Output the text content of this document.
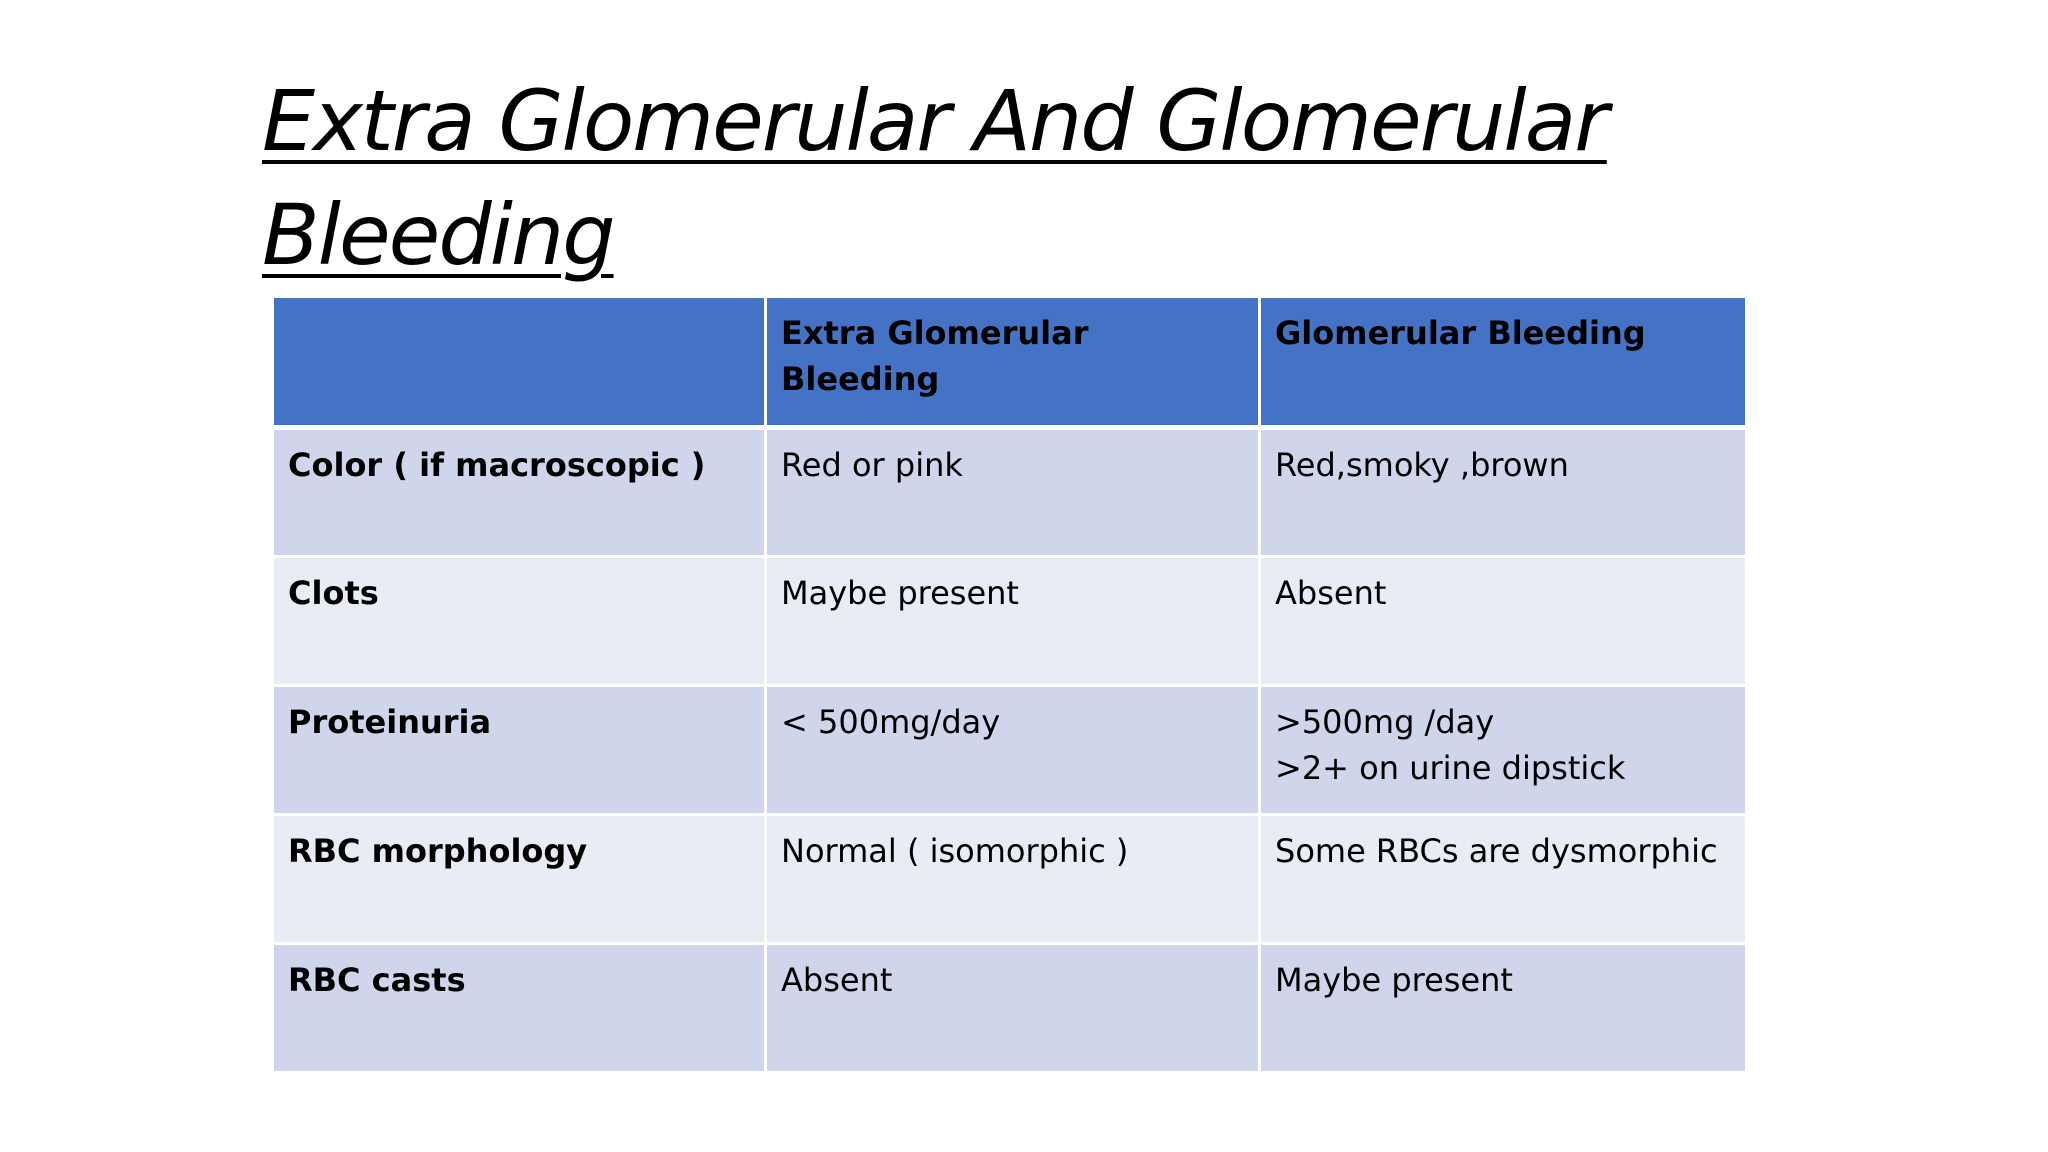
Extra Glomerular And Glomerular
Bleeding
	Extra Glomerular Bleeding	Glomerular Bleeding
Color ( if macroscopic )	Red or pink	Red,smoky ,brown

Clots	Maybe present	Absent

Proteinuria	< 500mg/day	>500mg /day
>2+ on urine dipstick

RBC morphology	Normal ( isomorphic )	Some RBCs are dysmorphic

RBC casts	Absent	Maybe present
